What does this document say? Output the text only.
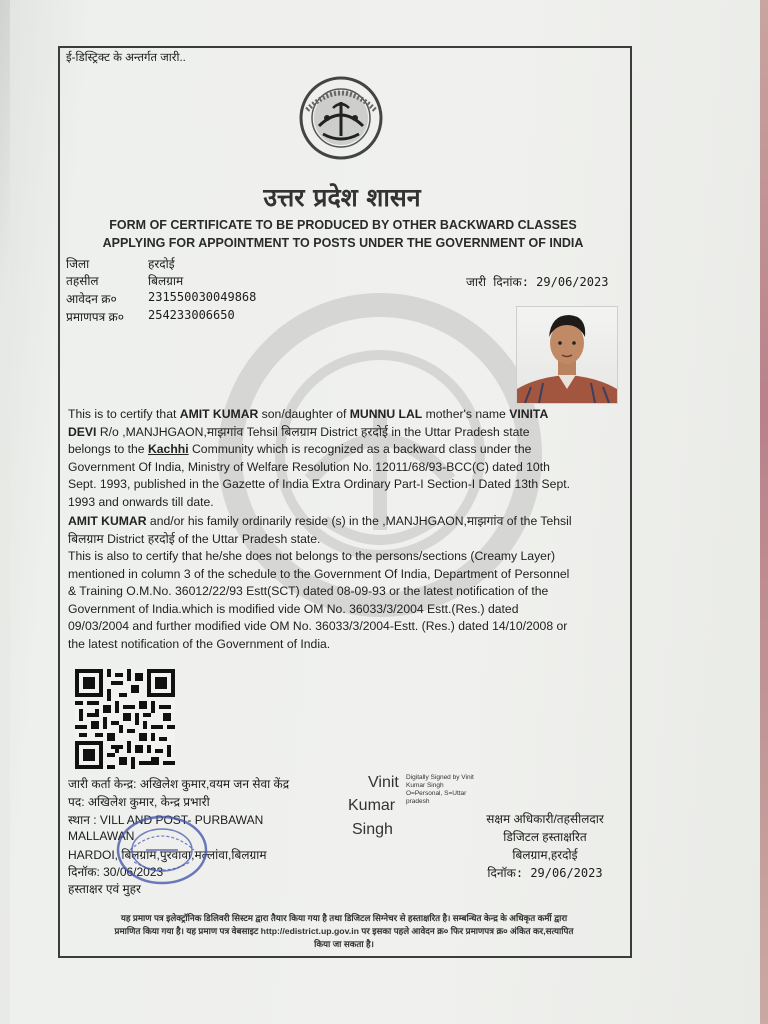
ई-डिस्ट्रिक्ट के अन्तर्गत जारी..
उत्तर प्रदेश शासन
FORM OF CERTIFICATE TO BE PRODUCED BY OTHER BACKWARD CLASSES
APPLYING FOR APPOINTMENT TO POSTS UNDER THE GOVERNMENT OF INDIA
जिला	हरदोई
तहसील	बिलग्राम
आवेदन क्र०	231550030049868
प्रमाणपत्र क्र० 254233006650
जारी दिनांक: 29/06/2023
This is to certify that AMIT KUMAR son/daughter of MUNNU LAL mother's name VINITA
DEVI R/o ,MANJHGAON,माझगांव Tehsil बिलग्राम District हरदोई in the Uttar Pradesh state
belongs to the Kachhi Community which is recognized as a backward class under the
Government Of India, Ministry of Welfare Resolution No. 12011/68/93-BCC(C) dated 10th
Sept. 1993, published in the Gazette of India Extra Ordinary Part-I Section-I Dated 13th Sept.
1993 and onwards till date.
AMIT KUMAR and/or his family ordinarily reside (s) in the ,MANJHGAON,माझगांव of the Tehsil
बिलग्राम District हरदोई of the Uttar Pradesh state.
This is also to certify that he/she does not belongs to the persons/sections (Creamy Layer)
mentioned in column 3 of the schedule to the Government Of India, Department of Personnel
& Training O.M.No. 36012/22/93 Estt(SCT) dated 08-09-93 or the latest notification of the
Government of India.which is modified vide OM No. 36033/3/2004 Estt.(Res.) dated
09/03/2004 and further modified vide OM No. 36033/3/2004-Estt. (Res.) dated 14/10/2008 or
the latest notification of the Government of India.
जारी कर्ता केन्द्र: अखिलेश कुमार,वयम जन सेवा केंद्र
पद: अखिलेश कुमार, केन्द्र प्रभारी
स्थान : VILL AND POST- PURBAWAN
MALLAWAN
HARDOI, बिलग्राम,पुरवावा,मल्लांवा,बिलग्राम
दिनॉक: 30/06/2023
हस्ताक्षर एवं मुहर
Vinit
Kumar
Singh
Digitally Signed by Vinit
Kumar Singh
O=Personal, S=Uttar
pradesh
सक्षम अधिकारी/तहसीलदार
डिजिटल हस्ताक्षरित
बिलग्राम,हरदोई
दिनॉक: 29/06/2023
यह प्रमाण पत्र इलेक्ट्रॉनिक डिलिवरी सिस्टम द्वारा तैयार किया गया है तथा डिजिटल सिग्नेचर से हस्ताक्षरित है। सम्बन्धित केन्द्र के अधिकृत कर्मी द्वारा
प्रमाणित किया गया है। यह प्रमाण पत्र वेबसाइट http://edistrict.up.gov.in पर इसका पहले आवेदन क्र० फिर प्रमाणपत्र क्र० अंकित कर,सत्यापित
किया जा सकता है।
